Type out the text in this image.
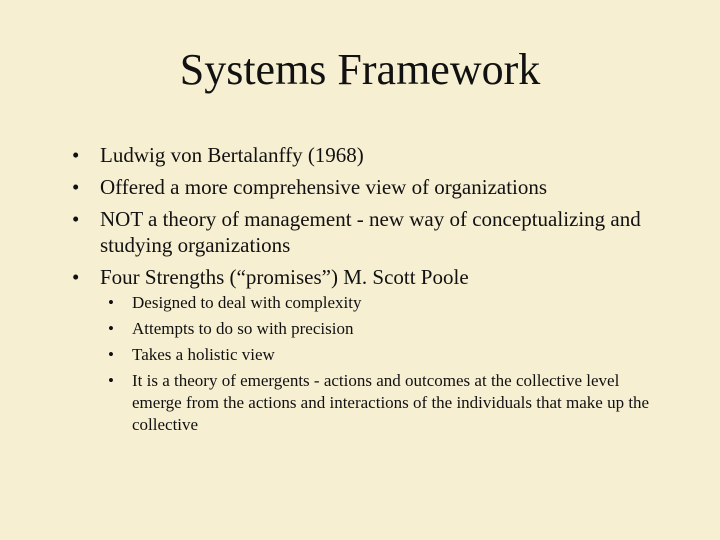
Systems Framework
• Ludwig von Bertalanffy (1968)
• Offered a more comprehensive view of organizations
• NOT a theory of management - new way of conceptualizing and studying organizations
• Four Strengths (“promises”) M. Scott Poole
• Designed to deal with complexity
• Attempts to do so with precision
• Takes a holistic view
• It is a theory of emergents - actions and outcomes at the collective level emerge from the actions and interactions of the individuals that make up the collective
